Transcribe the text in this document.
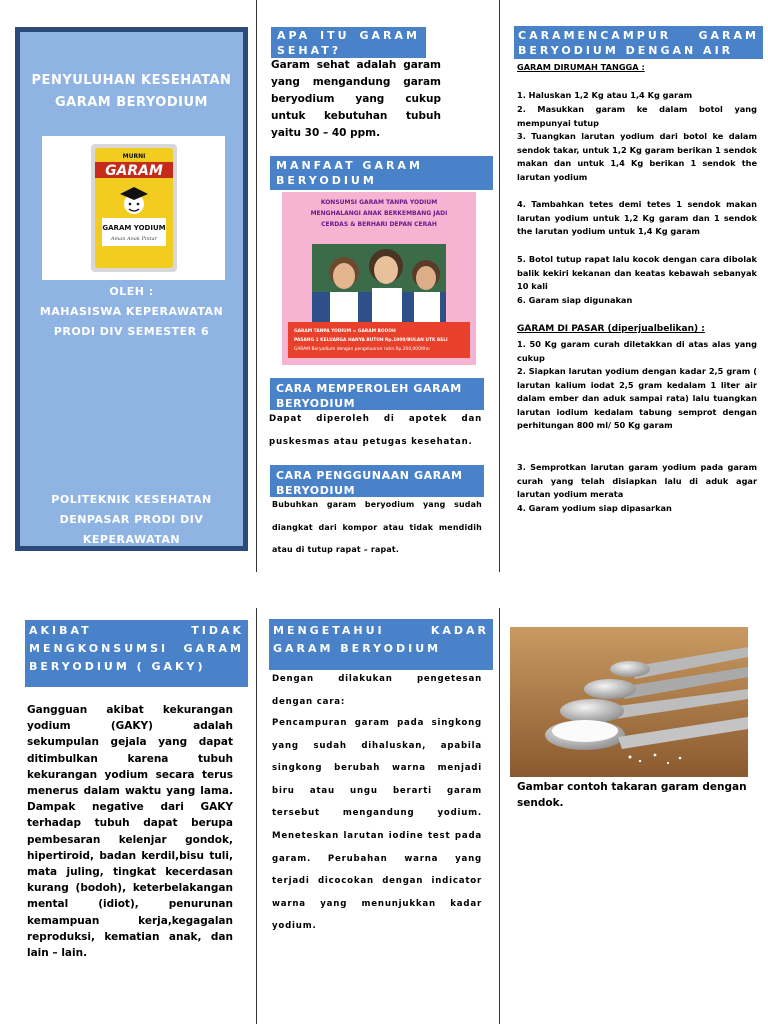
PENYULUHAN KESEHATAN
GARAM BERYODIUM
MURNI
GARAM
GARAM YODIUM
Aman Anak Pintar
OLEH :
MAHASISWA KEPERAWATAN
PRODI DIV SEMESTER 6
POLITEKNIK KESEHATAN
DENPASAR PRODI DIV
KEPERAWATAN
APA ITU GARAM SEHAT?
Garam sehat adalah garam yang mengandung garam beryodium yang cukup untuk kebutuhan tubuh yaitu 30 – 40 ppm.
MANFAAT GARAM BERYODIUM
KONSUMSI GARAM TANPA YODIUM
MENGHALANGI ANAK BERKEMBANG JADI
CERDAS & BERHARI DEPAN CERAH
GARAM TANPA YODIUM = GARAM BODOH
PASANG 1 KELUARGA HANYA BUTUH Rp.1000/BULAN UTK BELI
GARAM Beryodium dengan pengeluaran rutin Rp.200,000/thn
CARA MEMPEROLEH GARAM BERYODIUM
Dapat diperoleh di apotek dan puskesmas atau petugas kesehatan.
CARA PENGGUNAAN GARAM BERYODIUM
Bubuhkan garam beryodium yang sudah diangkat dari kompor atau tidak mendidih atau di tutup rapat – rapat.
CARAMENCAMPUR GARAM BERYODIUM DENGAN AIR
GARAM DIRUMAH TANGGA :
1. Haluskan 1,2 Kg atau 1,4 Kg garam
2. Masukkan garam ke dalam botol yang mempunyai tutup
3. Tuangkan larutan yodium dari botol ke dalam sendok takar, untuk 1,2 Kg garam berikan 1 sendok makan dan untuk 1,4 Kg berikan 1 sendok the larutan yodium
4. Tambahkan tetes demi tetes 1 sendok makan larutan yodium untuk 1,2 Kg garam dan 1 sendok the larutan yodium untuk 1,4 Kg garam
5. Botol tutup rapat lalu kocok dengan cara dibolak balik kekiri kekanan dan keatas kebawah sebanyak 10 kali
6. Garam siap digunakan
GARAM DI PASAR (diperjualbelikan) :
1. 50 Kg garam curah diletakkan di atas alas yang cukup
2. Siapkan larutan yodium dengan kadar 2,5 gram ( larutan kalium iodat 2,5 gram kedalam 1 liter air dalam ember dan aduk sampai rata) lalu tuangkan larutan iodium kedalam tabung semprot dengan perhitungan 800 ml/ 50 Kg garam
3. Semprotkan larutan garam yodium pada garam curah yang telah disiapkan lalu di aduk agar larutan yodium merata
4. Garam yodium siap dipasarkan
AKIBAT TIDAK MENGKONSUMSI GARAM BERYODIUM ( GAKY)
Gangguan akibat kekurangan yodium (GAKY) adalah sekumpulan gejala yang dapat ditimbulkan karena tubuh kekurangan yodium secara terus menerus dalam waktu yang lama. Dampak negative dari GAKY terhadap tubuh dapat berupa pembesaran kelenjar gondok, hipertiroid, badan kerdil,bisu tuli, mata juling, tingkat kecerdasan kurang (bodoh), keterbelakangan mental (idiot), penurunan kemampuan kerja,kegagalan reproduksi, kematian anak, dan lain – lain.
MENGETAHUI KADAR GARAM BERYODIUM
Dengan dilakukan pengetesan dengan cara:
Pencampuran garam pada singkong yang sudah dihaluskan, apabila singkong berubah warna menjadi biru atau ungu berarti garam tersebut mengandung yodium. Meneteskan larutan iodine test pada garam. Perubahan warna yang terjadi dicocokan dengan indicator warna yang menunjukkan kadar yodium.
Gambar contoh takaran garam dengan sendok.
